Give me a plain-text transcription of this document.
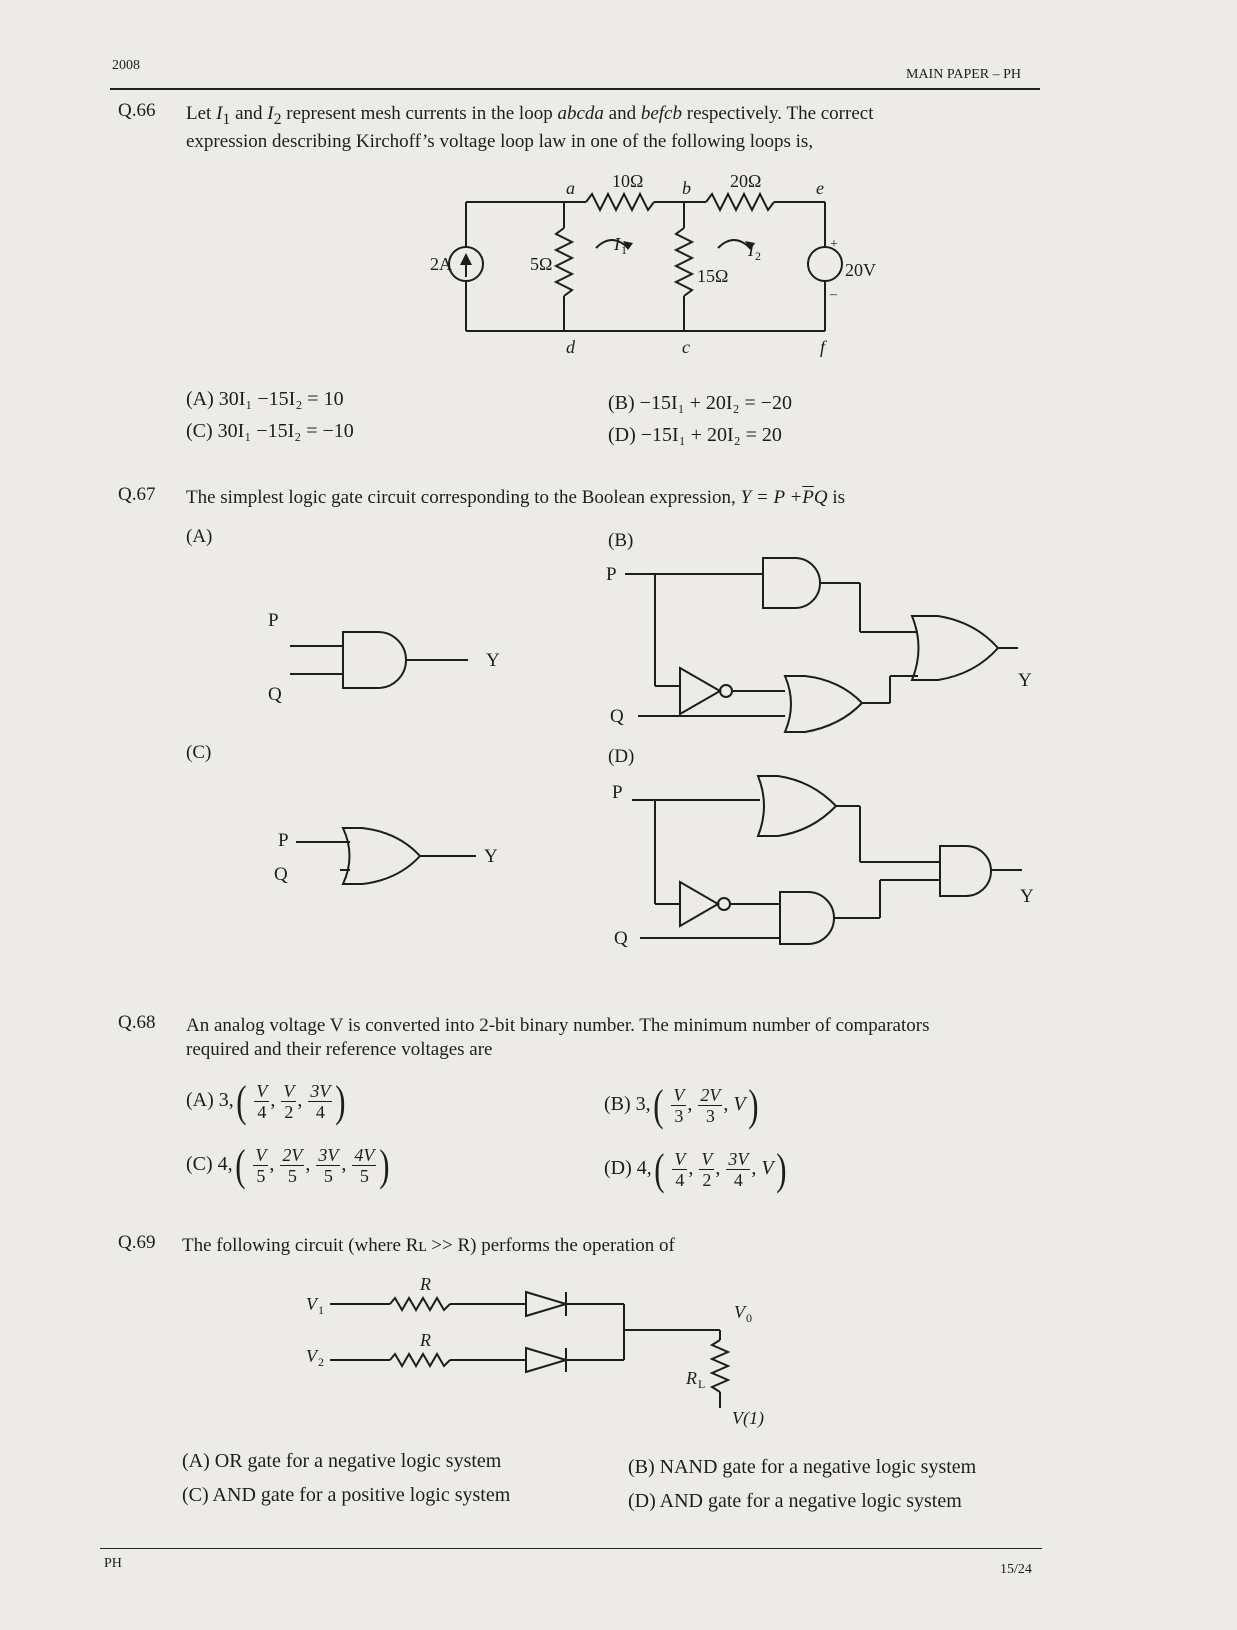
2008
MAIN PAPER – PH
Q.66 Let $I_1$ and $I_2$ represent mesh currents in the loop abcda and befcb respectively. The correct
expression describing Kirchoff’s voltage loop law in one of the following loops is,
10Ω	20Ω
5Ω
15Ω
2A	20V
+
–
a	b	e
d	c	f
I 1	I 2
P
Q
Y
P
Q
Y
P
Q
Y
P
Q
Y
R
R
V 1
V 2
V 0
R L
V(1)
(A) 30I₁ −15I₂ = 10	(B) −15I₁ + 20I₂ = −20
(C) 30I₁ −15I₂ = −10	(D) −15I₁ + 20I₂ = 20
Q.67 The simplest logic gate circuit corresponding to the Boolean expression, $Y = P +\overline{P}Q$ is
(A)	(B)
(C)	(D)
Q.68 An analog voltage V is converted into 2-bit binary number. The minimum number of comparators
required and their reference voltages are
(A) $3,( \frac{V}{4}$ , $\frac{V}{2}$ , $\frac{3V}{4}$ )	(B) $3,( \frac{V}{3}$ , $\frac{2V}{3}$ , V)
(C) $4,( \frac{V}{5}$ , $\frac{2V}{5}$ , $\frac{3V}{5}$ , $\frac{4V}{5}$ )	(D) $4,( \frac{V}{4}$ , $\frac{V}{2}$ , $\frac{3V}{4}$ , V)
Q.69 The following circuit (where Rʟ >> R) performs the operation of
(A) OR gate for a negative logic system	(B) NAND gate for a negative logic system
(C) AND gate for a positive logic system	(D) AND gate for a negative logic system
PH	15/24
